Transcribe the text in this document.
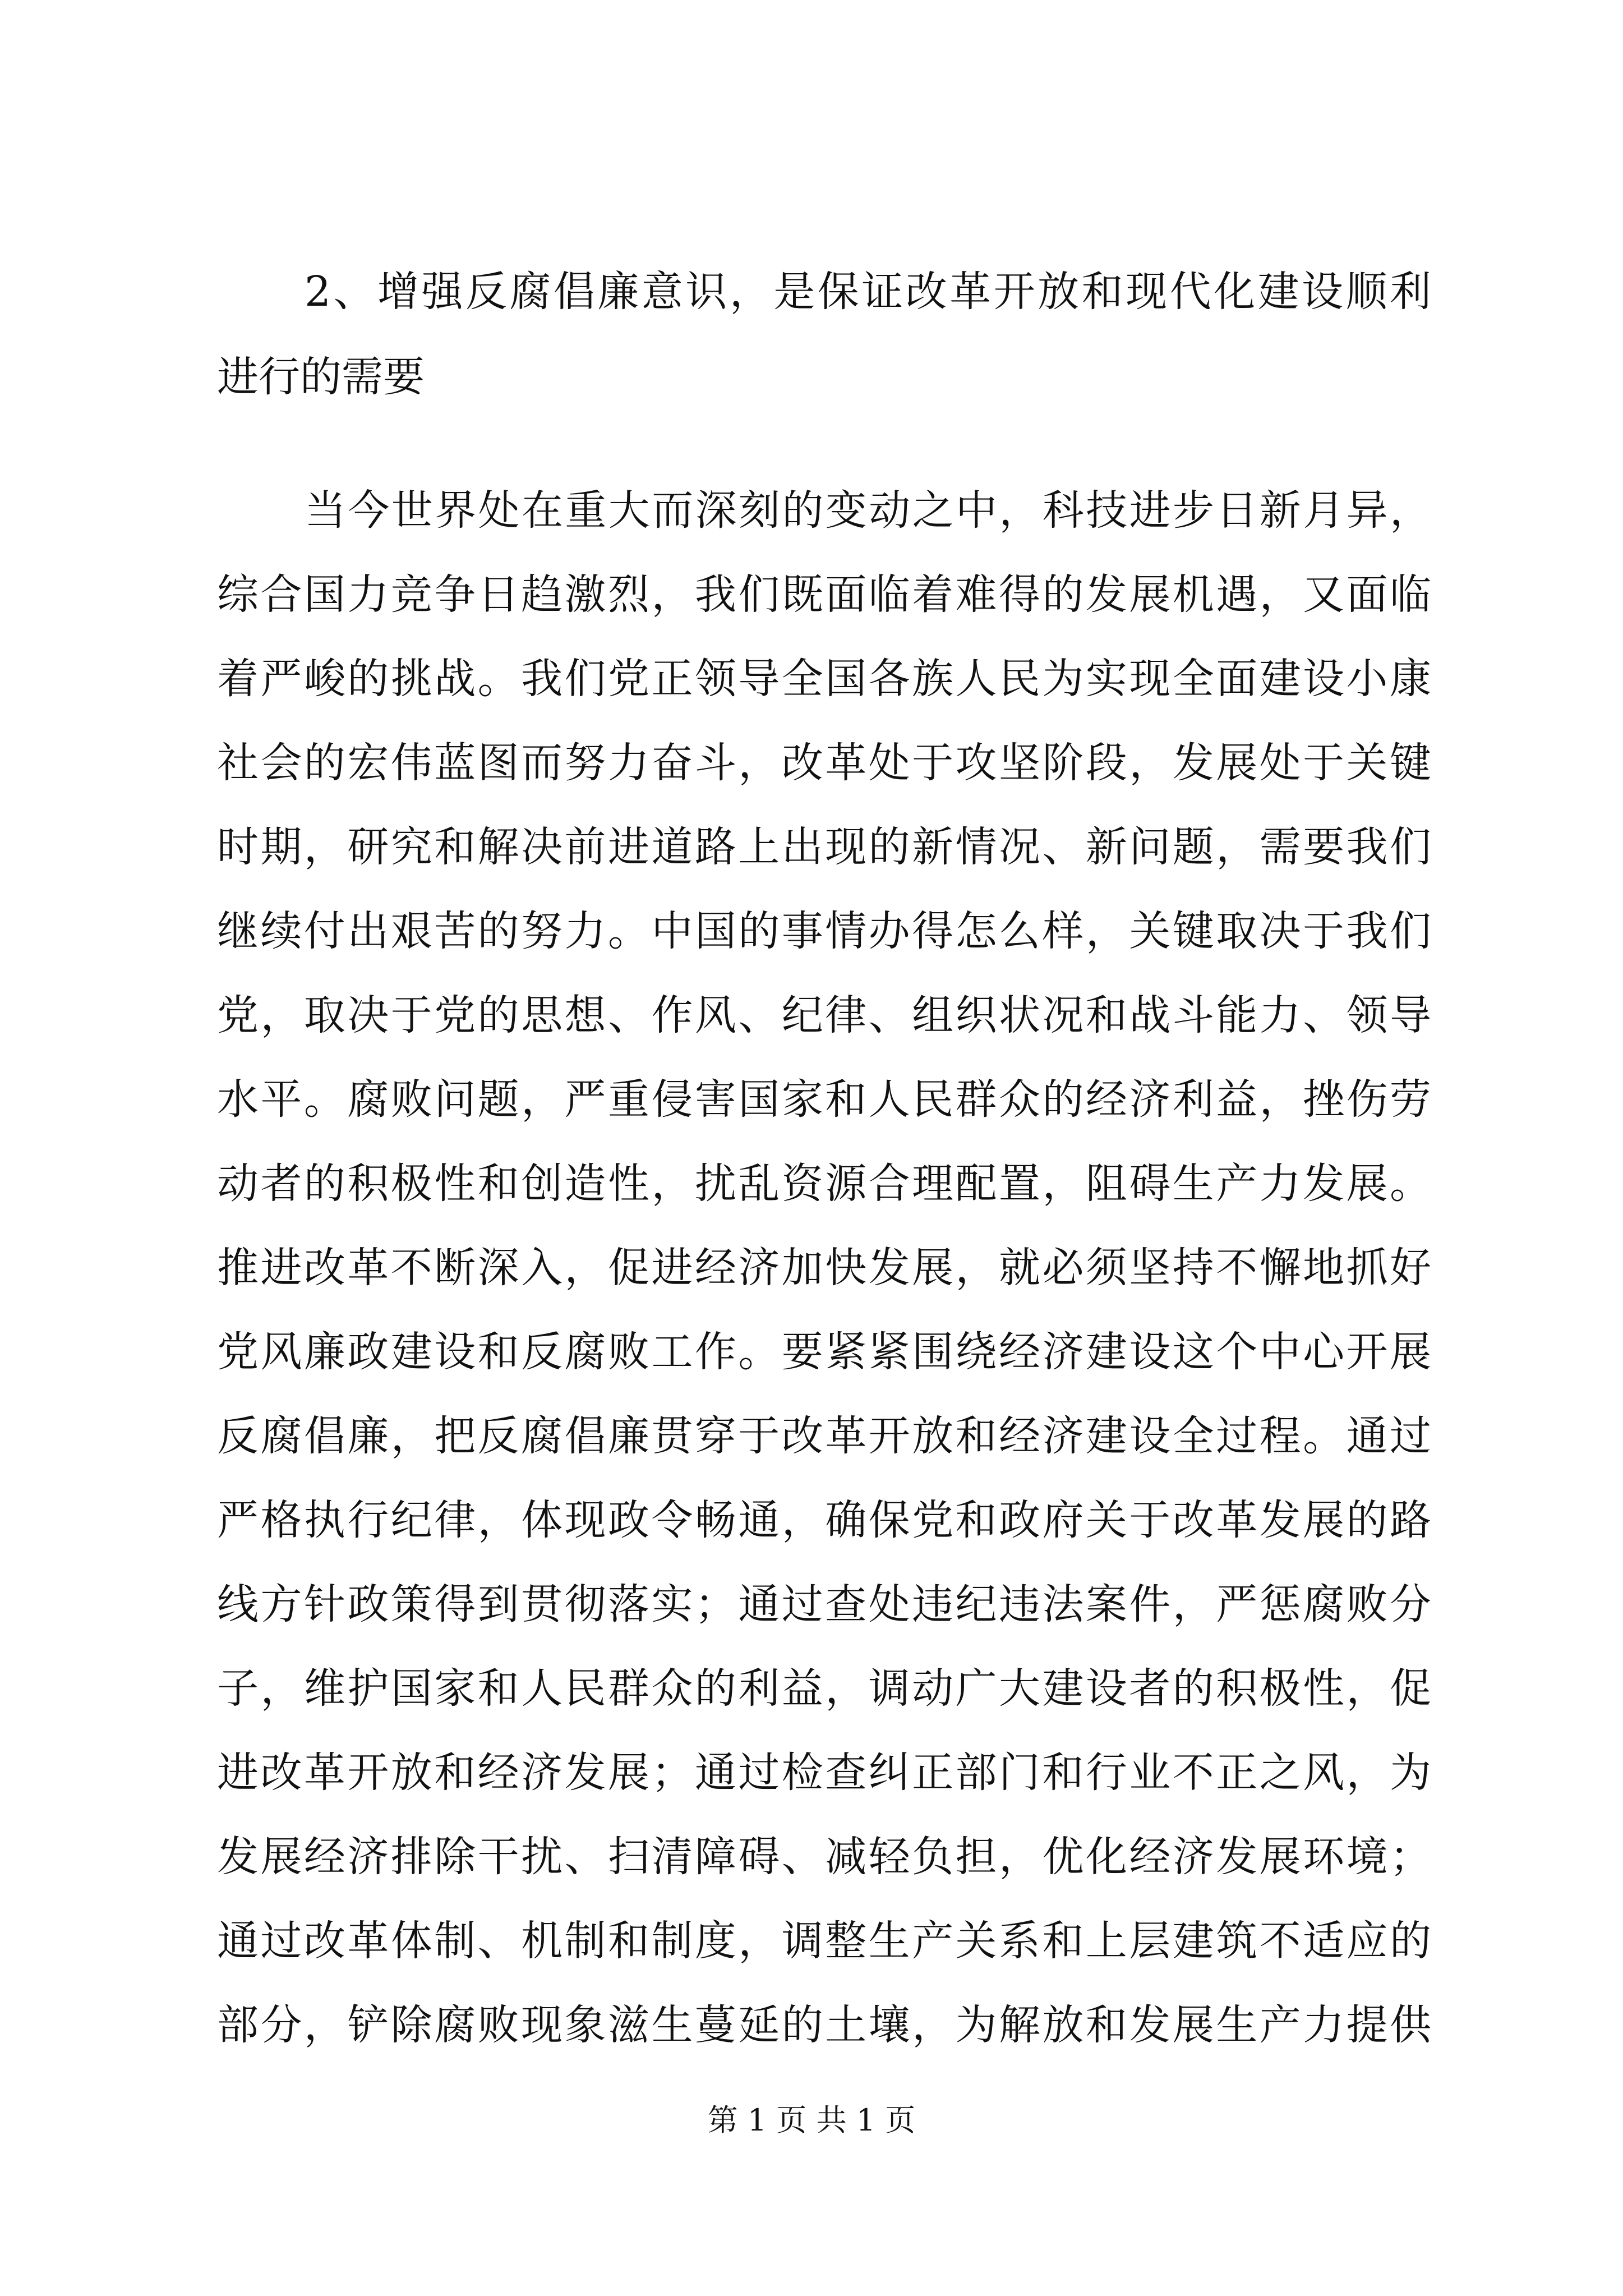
2、增强反腐倡廉意识，是保证改革开放和现代化建设顺利
进行的需要
当今世界处在重大而深刻的变动之中，科技进步日新月异，
综合国力竞争日趋激烈，我们既面临着难得的发展机遇，又面临
着严峻的挑战。我们党正领导全国各族人民为实现全面建设小康
社会的宏伟蓝图而努力奋斗，改革处于攻坚阶段，发展处于关键
时期，研究和解决前进道路上出现的新情况、新问题，需要我们
继续付出艰苦的努力。中国的事情办得怎么样，关键取决于我们
党，取决于党的思想、作风、纪律、组织状况和战斗能力、领导
水平。腐败问题，严重侵害国家和人民群众的经济利益，挫伤劳
动者的积极性和创造性，扰乱资源合理配置，阻碍生产力发展。
推进改革不断深入，促进经济加快发展，就必须坚持不懈地抓好
党风廉政建设和反腐败工作。要紧紧围绕经济建设这个中心开展
反腐倡廉，把反腐倡廉贯穿于改革开放和经济建设全过程。通过
严格执行纪律，体现政令畅通，确保党和政府关于改革发展的路
线方针政策得到贯彻落实；通过查处违纪违法案件，严惩腐败分
子，维护国家和人民群众的利益，调动广大建设者的积极性，促
进改革开放和经济发展；通过检查纠正部门和行业不正之风，为
发展经济排除干扰、扫清障碍、减轻负担，优化经济发展环境；
通过改革体制、机制和制度，调整生产关系和上层建筑不适应的
部分，铲除腐败现象滋生蔓延的土壤，为解放和发展生产力提供
第 1 页 共 1 页
